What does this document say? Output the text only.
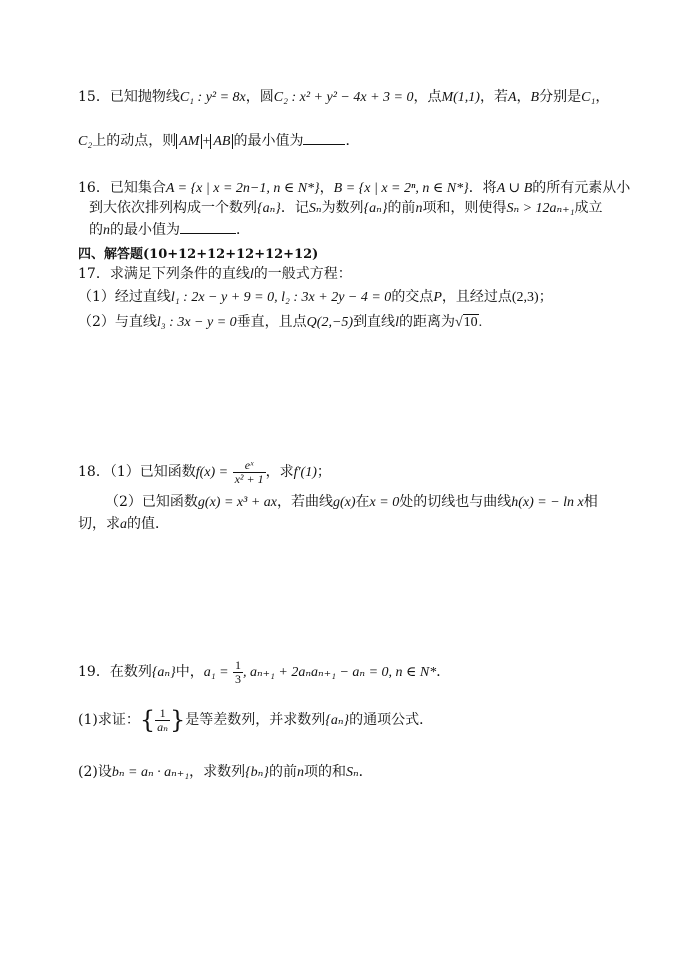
15．已知抛物线C₁ : y² = 8x，圆C₂ : x² + y² − 4x + 3 = 0，点M(1,1)，若A，B分别是C₁，
C₂上的动点，则 AM + AB 的最小值为	．
16．已知集合A = {x | x = 2n−1, n ∈ N*}，B = {x | x = 2ⁿ, n ∈ N*}．将A ∪ B的所有元素从小
到大依次排列构成一个数列{aₙ}．记Sₙ为数列{aₙ}的前n项和，则使得Sₙ > 12aₙ₊₁成立
的n的最小值为	．
四、解答题(10+12+12+12+12+12)
17．求满足下列条件的直线l的一般式方程：
（1）经过直线l₁ : 2x − y + 9 = 0, l₂ : 3x + 2y − 4 = 0的交点P，且经过点(2,3)；
（2）与直线l₃ : 3x − y = 0垂直，且点Q(2,−5)到直线l的距离为√10.
18．（1）已知函数$f(x) = \frac{\text{eˣ}}{\text{x² + 1}}$ ，求f′(1)；
（2）已知函数g(x) = x³ + ax，若曲线g(x)在x = 0处的切线也与曲线h(x) = − ln x相
切，求a的值．
19．在数列{aₙ}中，$a_1 = \frac{1}{3}$ , aₙ₊₁ + 2aₙaₙ₊₁ − aₙ = 0, n ∈ N*．
(1)求证：{ $\frac{1}{\text{aₙ}}$ }是等差数列，并求数列{aₙ}的通项公式．
(2)设bₙ = aₙ · aₙ₊₁，求数列{bₙ}的前n项的和Sₙ．
